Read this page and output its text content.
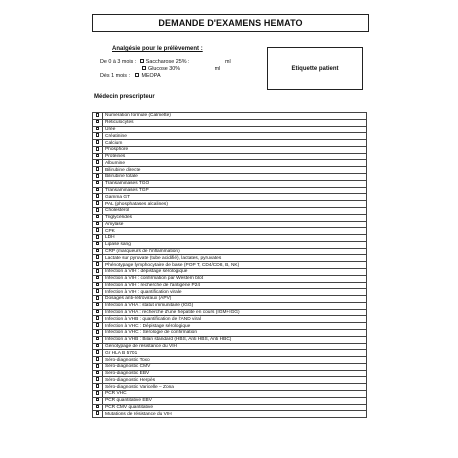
DEMANDE D'EXAMENS HEMATO
Analgésie pour le prélèvement :
De 0 à 3 mois : Saccharose 25% :	ml
Glucose 30%	ml
Dès 1 mois : MEOPA
Etiquette patient
Médecin prescripteur
	Numération formule (Calmette)
	Réticulocytes
	Urée
	Créatinine
	Calcium
	Phosphore
	Protéines
	Albumine
	Bilirubine directe
	Bilirubine totale
	Transaminases TGO
	Transaminases TGP
	Gamma GT
	PAL (phosphatases alcalines)
	Cholestérol
	Triglycérides
	Amylase
	CPK
	LDH
	Lipase sang
	CRP (marqueurs de l'inflammation)
	Lactate sur pyruvate (tube acidifié), lactates, pyruvates
	Phénotypage lymphocytaire de base (POP T, CD4/CD8, B, NK)
	Infection à VIH : dépistage sérologique
	Infection à VIH : confirmation par Western blot
	Infection à VIH : recherche de l'antigène P24
	Infection à VIH : quantification virale
	Dosages anti-rétroviraux (APV)
	Infection à VHA : statut immunitaire (IGG)
	Infection à VHA : recherche d'une hépatite en cours (IGM+IGG)
	Infection à VHB : quantification de l'AND viral
	Infection à VHC : Dépistage sérologique
	Infection à VHC : Sérologie de confirmation
	Infection à VHB : Bilan standard (HBS, Anti HBS, Anti HBC)
	Génotypage de résistance du VIH
	Gr HLA B 5701
	Séro-diagnostic Toxo
	Séro-diagnostic CMV
	Séro-diagnostic EBV
	Séro-diagnostic Herpès
	Séro-diagnostic Varicelle – Zona
	PCR VHC
	PCR quantitative EBV
	PCR CMV quantitative
	Mutations de résistance du VIH
